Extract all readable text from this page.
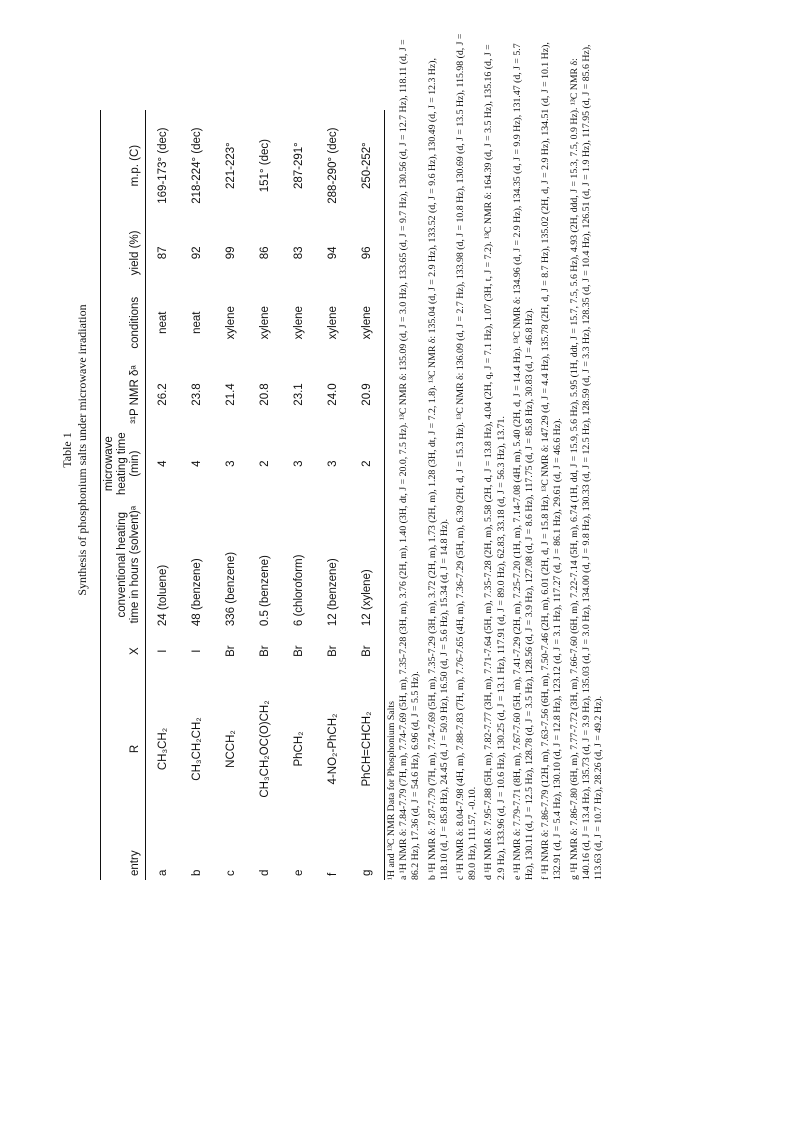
Table 1 Synthesis of phosphonium salts under microwave irradiation
entry	R	X	conventional heating time in hours (solvent)ᵃ	microwave heating time (min)	³¹P NMR δᵃ	conditions	yield (%)	m.p. (C)
a	CH₃CH₂	I	24 (toluene)	4	26.2	neat	87	169-173° (dec)
b	CH₃CH₂CH₂	I	48 (benzene)	4	23.8	neat	92	218-224° (dec)
c	NCCH₂	Br	336 (benzene)	3	21.4	xylene	99	221-223°
d	CH₃CH₂OC(O)CH₂	Br	0.5 (benzene)	2	20.8	xylene	86	151° (dec)
e	PhCH₂	Br	6 (chloroform)	3	23.1	xylene	83	287-291°
f	4-NO₂-PhCH₂	Br	12 (benzene)	3	24.0	xylene	94	288-290° (dec)
g	PhCH=CHCH₂	Br	12 (xylene)	2	20.9	xylene	96	250-252°
¹H and ¹³C NMR Data for Phosphonium Salts a ¹H NMR δ: 7.84-7.79 (7H, m), 7.74-7.69 (5H, m), 7.35-7.28 (3H, m), 3.76 (2H, m), 1.40 (3H, dt, J = 20.0, 7.5 Hz). ¹³C NMR δ: 135.09 (d, J = 3.0 Hz), 133.65 (d, J = 9.7 Hz), 130.56 (d, J = 12.7 Hz), 118.11 (d, J = 86.2 Hz), 17.36 (d, J = 54.6 Hz), 6.96 (d, J = 5.5 Hz). b ¹H NMR δ: 7.87-7.79 (7H, m), 7.74-7.69 (5H, m), 7.35-7.29 (3H, m), 3.72 (2H, m), 1.73 (2H, m), 1.28 (3H, dt, J = 7.2, 1.8). ¹³C NMR δ: 135.04 (d, J = 2.9 Hz), 133.52 (d, J = 9.6 Hz), 130.49 (d, J = 12.3 Hz), 118.10 (d, J = 85.8 Hz), 24.45 (d, J = 50.9 Hz), 16.50 (d, J = 5.6 Hz), 15.34 (d, J = 14.8 Hz). c ¹H NMR δ: 8.04-7.98 (4H, m), 7.88-7.83 (7H, m), 7.76-7.65 (4H, m), 7.36-7.29 (5H, m), 6.39 (2H, d, J = 15.3 Hz). ¹³C NMR δ: 136.09 (d, J = 2.7 Hz), 133.98 (d, J = 10.8 Hz), 130.69 (d, J = 13.5 Hz), 115.98 (d, J = 89.0 Hz), 111.57, -0.10. d ¹H NMR δ: 7.95-7.88 (5H, m), 7.82-7.77 (3H, m), 7.71-7.64 (5H, m), 7.35-7.28 (2H, m), 5.58 (2H, d, J = 13.8 Hz), 4.04 (2H, q, J = 7.1 Hz), 1.07 (3H, t, J = 7.2). ¹³C NMR δ: 164.39 (d, J = 3.5 Hz), 135.16 (d, J = 2.9 Hz), 133.96 (d, J = 10.6 Hz), 130.25 (d, J = 13.1 Hz), 117.91 (d, J = 89.0 Hz), 62.83, 33.18 (d, J = 56.3 Hz), 13.71. e ¹H NMR δ: 7.79-7.71 (8H, m), 7.67-7.60 (5H, m), 7.41-7.29 (2H, m), 7.25-7.20 (1H, m), 7.14-7.08 (4H, m), 5.40 (2H, d, J = 14.4 Hz). ¹³C NMR δ: 134.96 (d, J = 2.9 Hz), 134.35 (d, J = 9.9 Hz), 131.47 (d, J = 5.7 Hz), 130.11 (d, J = 12.5 Hz), 128.78 (d, J = 3.5 Hz), 128.56 (d, J = 3.9 Hz), 127.08 (d, J = 8.6 Hz), 117.75 (d, J = 85.8 Hz), 30.83 (d, J = 46.8 Hz). f ¹H NMR δ: 7.86-7.79 (12H, m), 7.63-7.56 (6H, m), 7.50-7.46 (2H, m), 6.01 (2H, d, J = 15.8 Hz). ¹³C NMR δ: 147.29 (d, J = 4.4 Hz), 135.78 (2H, d, J = 8.7 Hz), 135.02 (2H, d, J = 2.9 Hz), 134.51 (d, J = 10.1 Hz), 132.91 (d, J = 5.4 Hz), 130.10 (d, J = 12.8 Hz), 123.12 (d, J = 3.1 Hz), 117.27 (d, J = 86.1 Hz), 29.61 (d, J = 46.6 Hz). g ¹H NMR δ: 7.86-7.80 (6H, m), 7.77-7.72 (3H, m), 7.66-7.60 (6H, m), 7.22-7.14 (5H, m), 6.74 (1H, dd, J = 15.9, 5.6 Hz), 5.95 (1H, ddt, J = 15.7, 7.5, 5.6 Hz), 4.93 (2H, ddd, J = 15.3, 7.5, 0.9 Hz). ¹³C NMR δ: 140.16 (d, J = 13.4 Hz), 135.73 (d, J = 3.9 Hz), 135.03 (d, J = 3.0 Hz), 134.00 (d, J = 9.8 Hz), 130.33 (d, J = 12.5 Hz), 128.59 (d, J = 3.3 Hz), 128.35 (d, J = 10.4 Hz), 126.51 (d, J = 1.9 Hz), 117.95 (d, J = 85.6 Hz), 113.63 (d, J = 10.7 Hz), 28.26 (d, J = 49.2 Hz).
